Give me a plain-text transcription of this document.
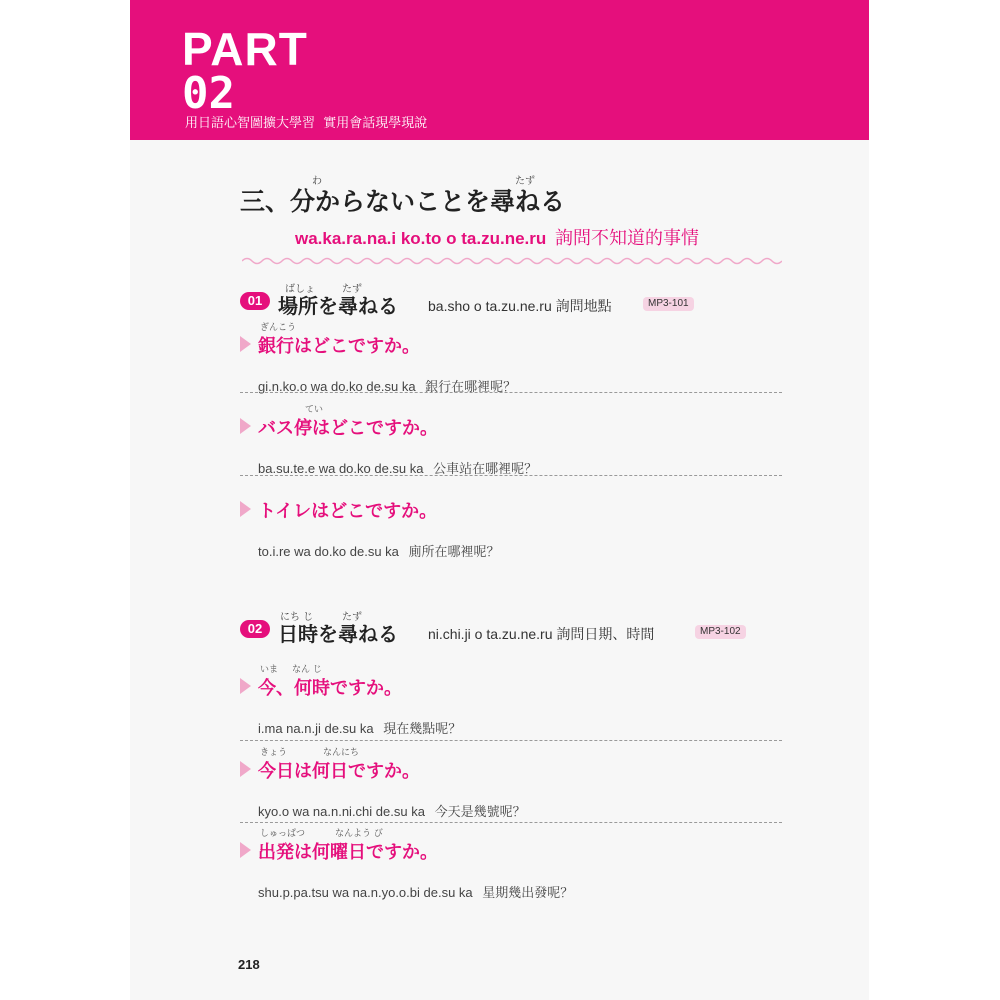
PART
02
用日語心智圖擴大學習  實用會話現學現說
わ	たず
三、分からないことを尋ねる
wa.ka.ra.na.i ko.to o ta.zu.ne.ru 詢問不知道的事情
01
ばしょ	たず
場所を尋ねる ba.sho o ta.zu.ne.ru 詢問地點	MP3-101
ぎんこう
銀行はどこですか。
gi.n.ko.o wa do.ko de.su ka 銀行在哪裡呢？
てい
バス停はどこですか。
ba.su.te.e wa do.ko de.su ka 公車站在哪裡呢？
トイレはどこですか。
to.i.re wa do.ko de.su ka 廁所在哪裡呢？
02
にち じ	たず
日時を尋ねる ni.chi.ji o ta.zu.ne.ru 詢問日期、時間	MP3-102
いま なん じ
今、何時ですか。
i.ma na.n.ji de.su ka 現在幾點呢？
きょう	なんにち
今日は何日ですか。
kyo.o wa na.n.ni.chi de.su ka 今天是幾號呢？
しゅっぱつ	なんよう び
出発は何曜日ですか。
shu.p.pa.tsu wa na.n.yo.o.bi de.su ka 星期幾出發呢？
218
